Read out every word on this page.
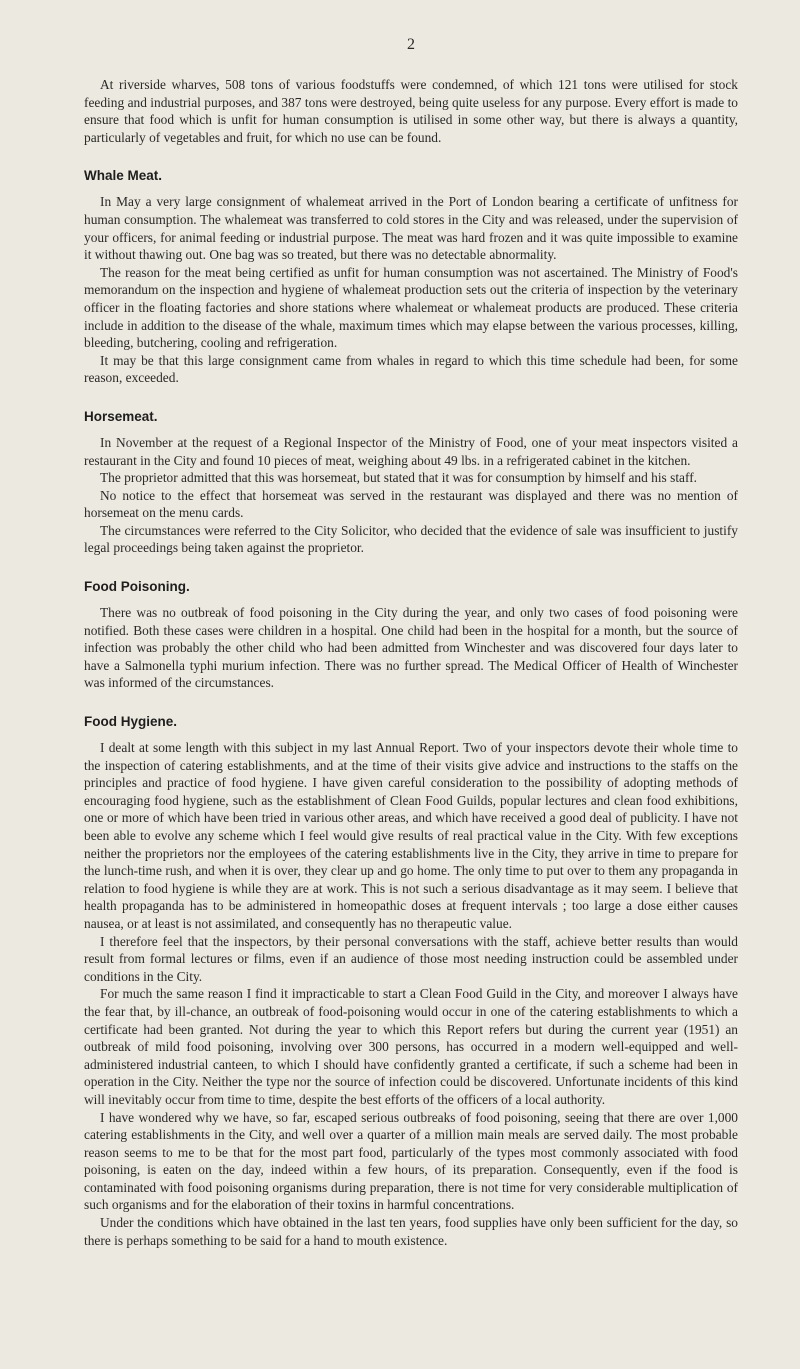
2

At riverside wharves, 508 tons of various foodstuffs were condemned, of which 121 tons were utilised for stock feeding and industrial purposes, and 387 tons were destroyed, being quite useless for any purpose. Every effort is made to ensure that food which is unfit for human consumption is utilised in some other way, but there is always a quantity, particularly of vegetables and fruit, for which no use can be found.

Whale Meat.

In May a very large consignment of whalemeat arrived in the Port of London bearing a certificate of unfitness for human consumption. The whalemeat was transferred to cold stores in the City and was released, under the supervision of your officers, for animal feeding or industrial purpose. The meat was hard frozen and it was quite impossible to examine it without thawing out. One bag was so treated, but there was no detectable abnormality.

The reason for the meat being certified as unfit for human consumption was not ascertained. The Ministry of Food's memorandum on the inspection and hygiene of whalemeat production sets out the criteria of inspection by the veterinary officer in the floating factories and shore stations where whalemeat or whalemeat products are produced. These criteria include in addition to the disease of the whale, maximum times which may elapse between the various processes, killing, bleeding, butchering, cooling and refrigeration.

It may be that this large consignment came from whales in regard to which this time schedule had been, for some reason, exceeded.

Horsemeat.

In November at the request of a Regional Inspector of the Ministry of Food, one of your meat inspectors visited a restaurant in the City and found 10 pieces of meat, weighing about 49 lbs. in a refrigerated cabinet in the kitchen.

The proprietor admitted that this was horsemeat, but stated that it was for consumption by himself and his staff.

No notice to the effect that horsemeat was served in the restaurant was displayed and there was no mention of horsemeat on the menu cards.

The circumstances were referred to the City Solicitor, who decided that the evidence of sale was insufficient to justify legal proceedings being taken against the proprietor.

Food Poisoning.

There was no outbreak of food poisoning in the City during the year, and only two cases of food poisoning were notified. Both these cases were children in a hospital. One child had been in the hospital for a month, but the source of infection was probably the other child who had been admitted from Winchester and was discovered four days later to have a Salmonella typhi murium infection. There was no further spread. The Medical Officer of Health of Winchester was informed of the circumstances.

Food Hygiene.

I dealt at some length with this subject in my last Annual Report. Two of your inspectors devote their whole time to the inspection of catering establishments, and at the time of their visits give advice and instructions to the staffs on the principles and practice of food hygiene. I have given careful consideration to the possibility of adopting methods of encouraging food hygiene, such as the establishment of Clean Food Guilds, popular lectures and clean food exhibitions, one or more of which have been tried in various other areas, and which have received a good deal of publicity. I have not been able to evolve any scheme which I feel would give results of real practical value in the City. With few exceptions neither the proprietors nor the employees of the catering establishments live in the City, they arrive in time to prepare for the lunch-time rush, and when it is over, they clear up and go home. The only time to put over to them any propaganda in relation to food hygiene is while they are at work. This is not such a serious disadvantage as it may seem. I believe that health propaganda has to be administered in homeopathic doses at frequent intervals ; too large a dose either causes nausea, or at least is not assimilated, and consequently has no therapeutic value.

I therefore feel that the inspectors, by their personal conversations with the staff, achieve better results than would result from formal lectures or films, even if an audience of those most needing instruction could be assembled under conditions in the City.

For much the same reason I find it impracticable to start a Clean Food Guild in the City, and moreover I always have the fear that, by ill-chance, an outbreak of food-poisoning would occur in one of the catering establishments to which a certificate had been granted. Not during the year to which this Report refers but during the current year (1951) an outbreak of mild food poisoning, involving over 300 persons, has occurred in a modern well-equipped and well-administered industrial canteen, to which I should have confidently granted a certificate, if such a scheme had been in operation in the City. Neither the type nor the source of infection could be discovered. Unfortunate incidents of this kind will inevitably occur from time to time, despite the best efforts of the officers of a local authority.

I have wondered why we have, so far, escaped serious outbreaks of food poisoning, seeing that there are over 1,000 catering establishments in the City, and well over a quarter of a million main meals are served daily. The most probable reason seems to me to be that for the most part food, particularly of the types most commonly associated with food poisoning, is eaten on the day, indeed within a few hours, of its preparation. Consequently, even if the food is contaminated with food poisoning organisms during preparation, there is not time for very considerable multiplication of such organisms and for the elaboration of their toxins in harmful concentrations.

Under the conditions which have obtained in the last ten years, food supplies have only been sufficient for the day, so there is perhaps something to be said for a hand to mouth existence.
